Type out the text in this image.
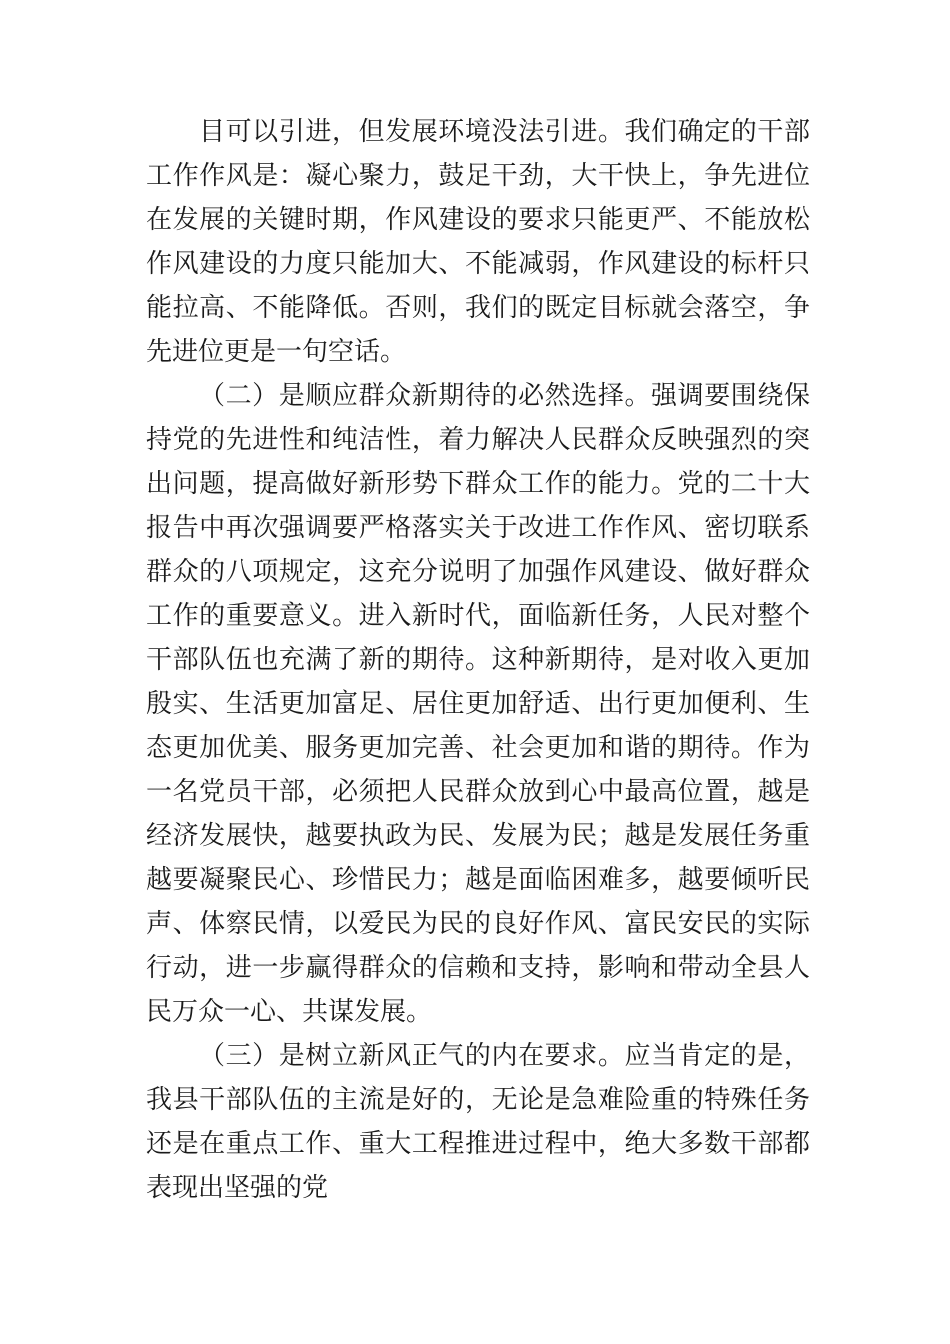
目可以引进，但发展环境没法引进。我们确定的干部
工作作风是：凝心聚力，鼓足干劲，大干快上，争先进位
在发展的关键时期，作风建设的要求只能更严、不能放松
作风建设的力度只能加大、不能减弱，作风建设的标杆只
能拉高、不能降低。否则，我们的既定目标就会落空，争
先进位更是一句空话。
（二）是顺应群众新期待的必然选择。强调要围绕保
持党的先进性和纯洁性，着力解决人民群众反映强烈的突
出问题，提高做好新形势下群众工作的能力。党的二十大
报告中再次强调要严格落实关于改进工作作风、密切联系
群众的八项规定，这充分说明了加强作风建设、做好群众
工作的重要意义。进入新时代，面临新任务，人民对整个
干部队伍也充满了新的期待。这种新期待，是对收入更加
殷实、生活更加富足、居住更加舒适、出行更加便利、生
态更加优美、服务更加完善、社会更加和谐的期待。作为
一名党员干部，必须把人民群众放到心中最高位置，越是
经济发展快，越要执政为民、发展为民；越是发展任务重
越要凝聚民心、珍惜民力；越是面临困难多，越要倾听民
声、体察民情，以爱民为民的良好作风、富民安民的实际
行动，进一步赢得群众的信赖和支持，影响和带动全县人
民万众一心、共谋发展。
（三）是树立新风正气的内在要求。应当肯定的是，
我县干部队伍的主流是好的，无论是急难险重的特殊任务
还是在重点工作、重大工程推进过程中，绝大多数干部都
表现出坚强的党
